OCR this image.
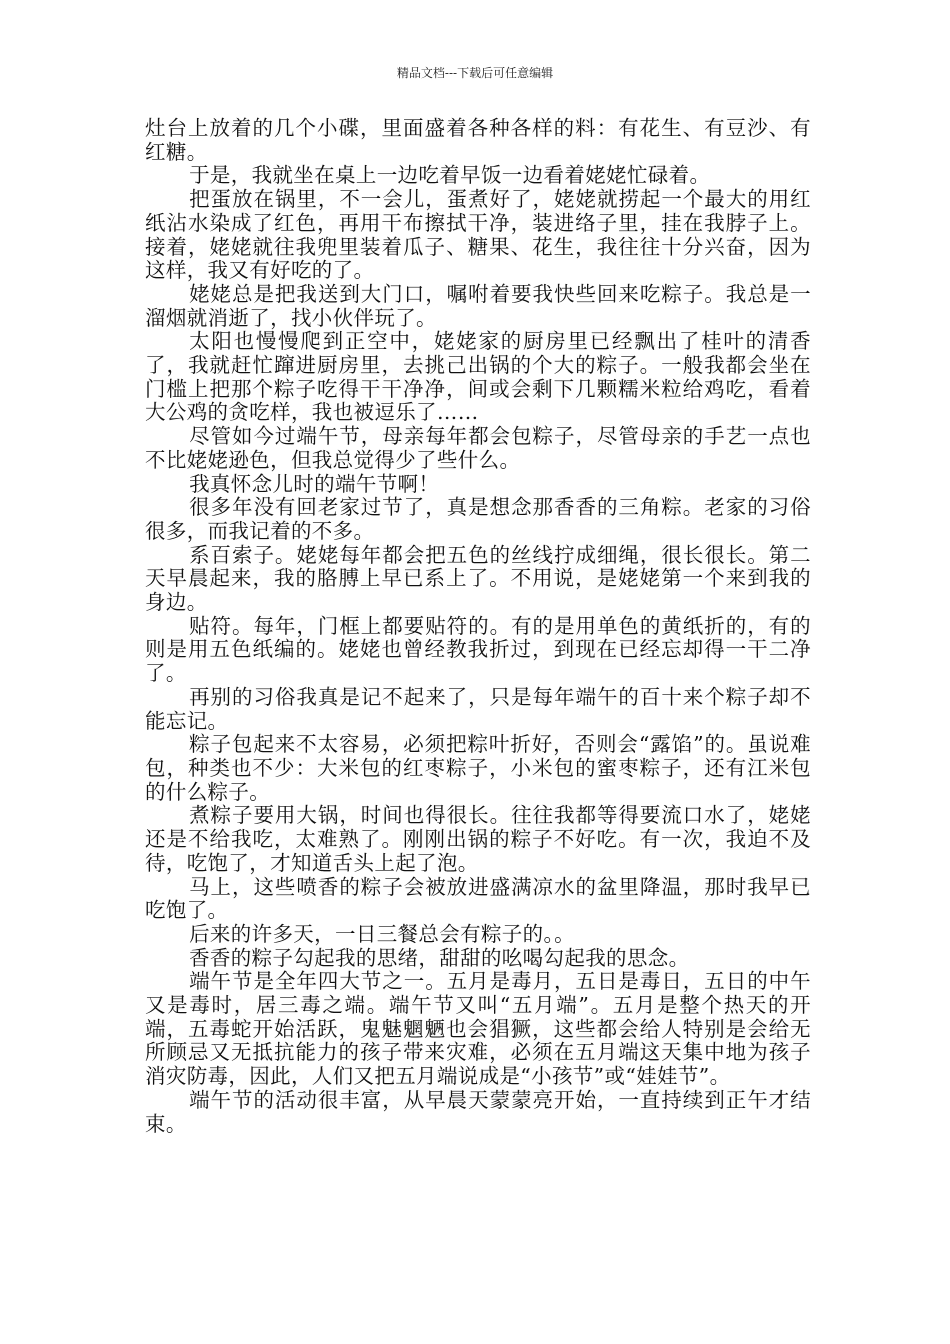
精品文档---下载后可任意编辑

灶台上放着的几个小碟，里面盛着各种各样的料：有花生、有豆沙、有红糖。

于是，我就坐在桌上一边吃着早饭一边看着姥姥忙碌着。

把蛋放在锅里，不一会儿，蛋煮好了，姥姥就捞起一个最大的用红纸沾水染成了红色，再用干布擦拭干净，装进络子里，挂在我脖子上。接着，姥姥就往我兜里装着瓜子、糖果、花生，我往往十分兴奋，因为这样，我又有好吃的了。

姥姥总是把我送到大门口，嘱咐着要我快些回来吃粽子。我总是一溜烟就消逝了，找小伙伴玩了。

太阳也慢慢爬到正空中，姥姥家的厨房里已经飘出了桂叶的清香了，我就赶忙蹿进厨房里，去挑己出锅的个大的粽子。一般我都会坐在门槛上把那个粽子吃得干干净净，间或会剩下几颗糯米粒给鸡吃，看着大公鸡的贪吃样，我也被逗乐了……

尽管如今过端午节，母亲每年都会包粽子，尽管母亲的手艺一点也不比姥姥逊色，但我总觉得少了些什么。

我真怀念儿时的端午节啊！

很多年没有回老家过节了，真是想念那香香的三角粽。老家的习俗很多，而我记着的不多。

系百索子。姥姥每年都会把五色的丝线拧成细绳，很长很长。第二天早晨起来，我的胳膊上早已系上了。不用说，是姥姥第一个来到我的身边。

贴符。每年，门框上都要贴符的。有的是用单色的黄纸折的，有的则是用五色纸编的。姥姥也曾经教我折过，到现在已经忘却得一干二净了。

再别的习俗我真是记不起来了，只是每年端午的百十来个粽子却不能忘记。

粽子包起来不太容易，必须把粽叶折好，否则会“露馅”的。虽说难包，种类也不少：大米包的红枣粽子，小米包的蜜枣粽子，还有江米包的什么粽子。

煮粽子要用大锅，时间也得很长。往往我都等得要流口水了，姥姥还是不给我吃，太难熟了。刚刚出锅的粽子不好吃。有一次，我迫不及待，吃饱了，才知道舌头上起了泡。

马上，这些喷香的粽子会被放进盛满凉水的盆里降温，那时我早已吃饱了。

后来的许多天，一日三餐总会有粽子的。。

香香的粽子勾起我的思绪，甜甜的吆喝勾起我的思念。

端午节是全年四大节之一。五月是毒月，五日是毒日，五日的中午又是毒时，居三毒之端。端午节又叫“五月端”。五月是整个热天的开端，五毒蛇开始活跃，鬼魅魍魉也会猖獗，这些都会给人特别是会给无所顾忌又无抵抗能力的孩子带来灾难，必须在五月端这天集中地为孩子消灾防毒，因此，人们又把五月端说成是“小孩节”或“娃娃节”。

端午节的活动很丰富，从早晨天蒙蒙亮开始，一直持续到正午才结束。
